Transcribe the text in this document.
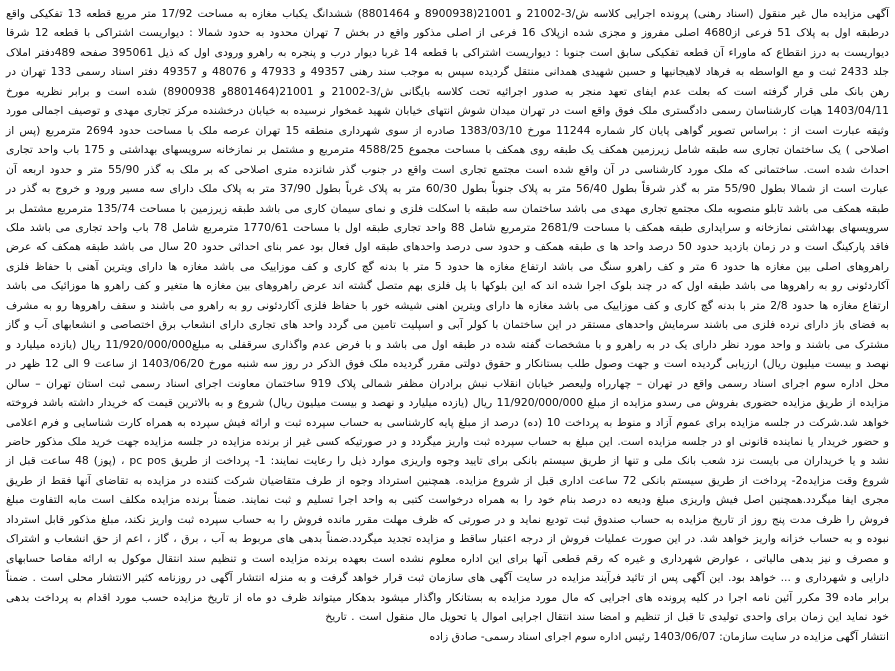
آگهی مزایده مال غیر منقول (اسناد رهنی) پرونده اجرایی کلاسه ش/3-21002 و 21001(8900938 و 8801464) ششدانگ یکباب مغازه به مساحت 17/92 متر مربع قطعه 13 تفکیکی واقع درطبقه اول به پلاک 51 فرعی از4680 اصلی مفروز و مجزی شده ازپلاک 16 فرعی از اصلی مذکور واقع در بخش 7 تهران محدود به حدود شمالا : دیواریست اشتراکی با قطعه 12 شرقا دیواریست به درز انقطاع که ماوراء آن قطعه تفکیکی سابق است جنوبا : دیواریست اشتراکی با قطعه 14 غربا دیوار درب و پنجره به راهرو ورودی اول که ذیل 395061 صفحه 489دفتر املاک جلد 2433 ثبت و مع الواسطه به فرهاد لاهیجانیها و حسین شهیدی همدانی منتقل گردیده سپس به موجب سند رهنی 49357 و 47933 و 48076 و 49357 دفتر اسناد رسمی 133 تهران در رهن بانک ملی قرار گرفته است که بعلت عدم ایفای تعهد منجر به صدور اجرائیه تحت کلاسه بایگانی ش/3-21002 و 21001(8801464و 8900938) شده است و برابر نظریه مورخ 1403/04/11 هیات کارشناسان رسمی دادگستری ملک فوق واقع است در تهران میدان شوش انتهای خیابان شهید غمخوار نرسیده به خیابان درخشنده مرکز تجاری مهدی و توصیف اجمالی مورد وثیقه عبارت است از : براساس تصویر گواهی پایان کار شماره 11244 مورخ 1383/03/10 صادره از سوی شهرداری منطقه 15 تهران عرصه ملک با مساحت حدود 2694 مترمربع (پس از اصلاحی ) یک ساختمان تجاری سه طبقه شامل زیرزمین همکف یک طبقه روی همکف با مساحت مجموع 4588/25 مترمربع و مشتمل بر نمازخانه سرویسهای بهداشتی و 175 باب واحد تجاری احداث شده است. ساختمانی که ملک مورد کارشناسی در آن واقع شده است مجتمع تجاری است واقع در جنوب گذر شانزده متری اصلاحی که بر ملک به گذر 55/90 متر و حدود اربعه آن عبارت است از شمالا بطول 55/90 متر به گذر شرقاً بطول 56/40 متر به پلاک جنوباً بطول 60/30 متر به پلاک غرباً بطول 37/90 متر به پلاک ملک دارای سه مسیر ورود و خروج به گذر در طبقه همکف می باشد تابلو منصوبه ملک مجتمع تجاری مهدی می باشد ساختمان سه طبقه با اسکلت فلزی و نمای سیمان کاری می باشد طبقه زیرزمین با مساحت 135/74 مترمربع مشتمل بر سرویسهای بهداشتی نمازخانه و سرایداری طبقه همکف با مساحت 2681/9 مترمربع شامل 88 واحد تجاری طبقه اول با مساحت 1770/61 مترمربع شامل 78 باب واحد تجاری می باشد ملک فاقد پارکینگ است و در زمان بازدید حدود 50 درصد واحد ها ی طبقه همکف و حدود سی درصد واحدهای طبقه اول فعال بود عمر بنای احداثی حدود 20 سال می باشد طبقه همکف که عرض راهروهای اصلی بین مغازه ها حدود 6 متر و کف راهرو سنگ می باشد ارتفاع مغازه ها حدود 5 متر با بدنه گچ کاری و کف موزاییک می باشد مغازه ها دارای ویترین آهنی با حفاظ فلزی آکاردئونی رو به راهروها می باشد طبقه اول که در چند بلوک اجرا شده اند که این بلوکها با پل فلزی بهم متصل گشته اند عرض راهروهای بین مغازه ها متغیر و کف راهرو ها موزائیک می باشد ارتفاع مغازه ها حدود 2/8 متر با بدنه گچ کاری و کف موزاییک می باشد مغازه ها دارای ویترین اهنی شیشه خور با حفاظ فلزی آکاردئونی رو به راهرو می باشند و سقف راهروها رو به مشرف به فضای باز دارای نرده فلزی می باشند سرمایش واحدهای مستقر در این ساختمان با کولر آبی و اسپلیت تامین می گردد واحد های تجاری دارای انشعاب برق اختصاصی و انشعابهای آب و گاز مشترک می باشند و واحد مورد نظر دارای یک در به راهرو و با مشخصات گفته شده در طبقه اول می باشد و با فرض عدم واگذاری سرقفلی به مبلغ11/920/000/000 ریال (یازده میلیارد و نهصد و بیست میلیون ریال) ارزیابی گردیده است و جهت وصول طلب بستانکار و حقوق دولتی مقرر گردیده ملک فوق الذکر در روز سه شنبه مورخ 1403/06/20 از ساعت 9 الی 12 ظهر در محل اداره سوم اجرای اسناد رسمی واقع در تهران – چهارراه ولیعصر خیابان انقلاب نبش برادران مظفر شمالی پلاک 919 ساختمان معاونت اجرای اسناد رسمی ثبت استان تهران – سالن مزایده از طریق مزایده حضوری بفروش می رسدو مزایده از مبلغ 11/920/000/000 ریال (یازده میلیارد و نهصد و بیست میلیون ریال) شروع و به بالاترین قیمت که خریدار داشته باشد فروخته خواهد شد.شرکت در جلسه مزایده برای عموم آزاد و منوط به پرداخت 10 (ده) درصد از مبلغ پایه کارشناسی به حساب سپرده ثبت و ارائه فیش سپرده به همراه کارت شناسایی و فرم اعلامی و حضور خریدار یا نماینده قانونی او در جلسه مزایده است. این مبلغ به حساب سپرده ثبت واریز میگردد و در صورتیکه کسی غیر از برنده مزایده در جلسه مزایده جهت خرید ملک مذکور حاضر نشد و یا خریداران می بایست نزد شعب بانک ملی و تنها از طریق سیستم بانکی برای تایید وجوه واریزی موارد ذیل را رعایت نمایند: 1- پرداخت از طریق pc pos ، (پوز) 48 ساعت قبل از شروع وقت مزایده2- پرداخت از طریق سیستم بانکی 72 ساعت اداری قبل از شروع مزایده. همچنین استرداد وجوه از طرف متقاضیان شرکت کننده در مزایده به تقاضای آنها فقط از طریق مجری ایفا میگردد.همچنین اصل فیش واریزی مبلغ ودیعه ده درصد بنام خود را به همراه درخواست کتبی به واحد اجرا تسلیم و ثبت نمایند. ضمناً برنده مزایده مکلف است مابه التفاوت مبلغ فروش را ظرف مدت پنج روز از تاریخ مزایده به حساب صندوق ثبت تودیع نماید و در صورتی که ظرف مهلت مقرر مانده فروش را به حساب سپرده ثبت واریز نکند، مبلغ مذکور قابل استرداد نبوده و به حساب خزانه واریز خواهد شد. در این صورت عملیات فروش از درجه اعتبار ساقط و مزایده تجدید میگردد.ضمناً بدهی های مربوط به آب ، برق ، گاز ، اعم از حق انشعاب و اشتراک و مصرف و نیز بدهی مالیاتی ، عوارض شهرداری و غیره که رقم قطعی آنها برای این اداره معلوم نشده است بعهده برنده مزایده است و تنظیم سند انتقال موکول به ارائه مفاصا حسابهای دارایی و شهرداری و ... خواهد بود. این آگهی پس از تائید فرآیند مزایده در سایت آگهی های سازمان ثبت قرار خواهد گرفت و به منزله انتشار آگهی در روزنامه کثیر الانتشار محلی است . ضمناً برابر ماده 39 مکرر آئین نامه اجرا در کلیه پرونده های اجرایی که مال مورد مزایده به بستانکار واگذار میشود بدهکار میتواند ظرف دو ماه از تاریخ مزایده حسب مورد اقدام به پرداخت بدهی خود نماید این زمان برای واحدی تولیدی تا قبل از تنظیم و امضا سند انتقال اجرایی اموال یا تحویل مال منقول است . تاریخ

انتشار آگهی مزایده در سایت سازمان: 1403/06/07 رئیس اداره سوم اجرای اسناد رسمی- صادق زاده
